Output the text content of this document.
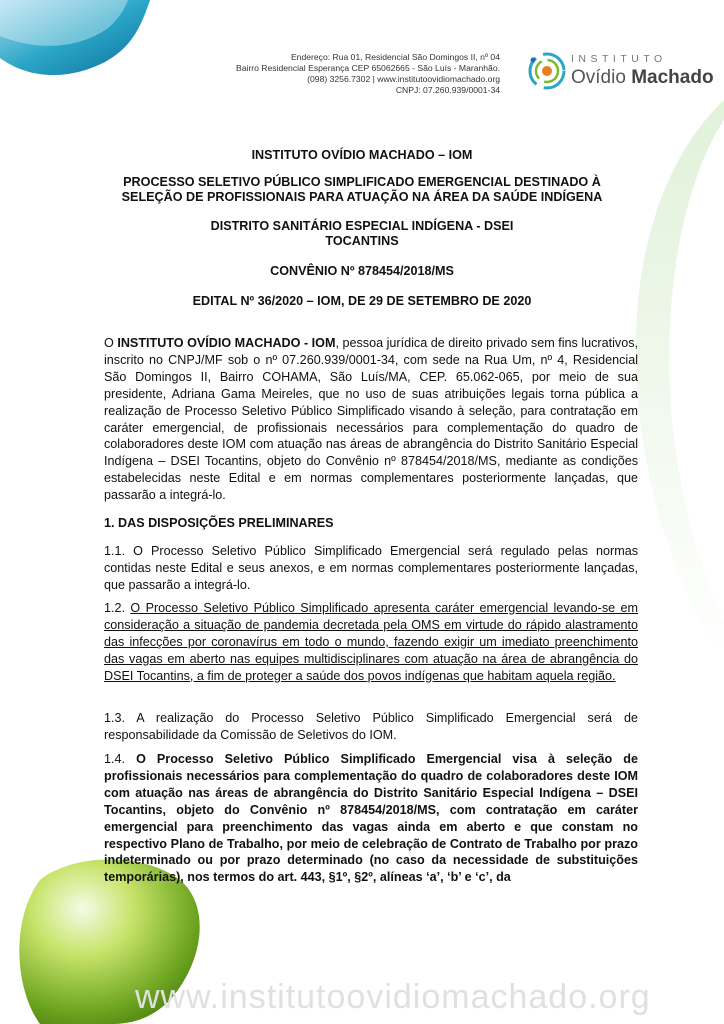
Endereço: Rua 01, Residencial São Domingos II, nº 04
Bairro Residencial Esperança CEP 65062665 - São Luís - Maranhão.
(098) 3256.7302 | www.institutoovidiomachado.org
CNPJ: 07.260.939/0001-34
INSTITUTO
Ovídio Machado
INSTITUTO OVÍDIO MACHADO – IOM
PROCESSO SELETIVO PÚBLICO SIMPLIFICADO EMERGENCIAL DESTINADO À
SELEÇÃO DE PROFISSIONAIS PARA ATUAÇÃO NA ÁREA DA SAÚDE INDÍGENA
DISTRITO SANITÁRIO ESPECIAL INDÍGENA - DSEI
TOCANTINS
CONVÊNIO Nº 878454/2018/MS
EDITAL Nº 36/2020 – IOM, DE 29 DE SETEMBRO DE 2020

O INSTITUTO OVÍDIO MACHADO - IOM, pessoa jurídica de direito privado sem fins lucrativos, inscrito no CNPJ/MF sob o nº 07.260.939/0001-34, com sede na Rua Um, nº 4, Residencial São Domingos II, Bairro COHAMA, São Luís/MA, CEP. 65.062-065, por meio de sua presidente, Adriana Gama Meireles, que no uso de suas atribuições legais torna pública a realização de Processo Seletivo Público Simplificado visando à seleção, para contratação em caráter emergencial, de profissionais necessários para complementação do quadro de colaboradores deste IOM com atuação nas áreas de abrangência do Distrito Sanitário Especial Indígena – DSEI Tocantins, objeto do Convênio nº 878454/2018/MS, mediante as condições estabelecidas neste Edital e em normas complementares posteriormente lançadas, que passarão a integrá-lo.

1. DAS DISPOSIÇÕES PRELIMINARES

1.1. O Processo Seletivo Público Simplificado Emergencial será regulado pelas normas contidas neste Edital e seus anexos, e em normas complementares posteriormente lançadas, que passarão a integrá-lo.

1.2. O Processo Seletivo Público Simplificado apresenta caráter emergencial levando-se em consideração a situação de pandemia decretada pela OMS em virtude do rápido alastramento das infecções por coronavírus em todo o mundo, fazendo exigir um imediato preenchimento das vagas em aberto nas equipes multidisciplinares com atuação na área de abrangência do DSEI Tocantins, a fim de proteger a saúde dos povos indígenas que habitam aquela região.

1.3. A realização do Processo Seletivo Público Simplificado Emergencial será de responsabilidade da Comissão de Seletivos do IOM.

1.4. O Processo Seletivo Público Simplificado Emergencial visa à seleção de profissionais necessários para complementação do quadro de colaboradores deste IOM com atuação nas áreas de abrangência do Distrito Sanitário Especial Indígena – DSEI Tocantins, objeto do Convênio nº 878454/2018/MS, com contratação em caráter emergencial para preenchimento das vagas ainda em aberto e que constam no respectivo Plano de Trabalho, por meio de celebração de Contrato de Trabalho por prazo indeterminado ou por prazo determinado (no caso da necessidade de substituições temporárias), nos termos do art. 443, §1º, §2º, alíneas ‘a’, ‘b’ e ‘c’, da

www.institutoovidiomachado.org
